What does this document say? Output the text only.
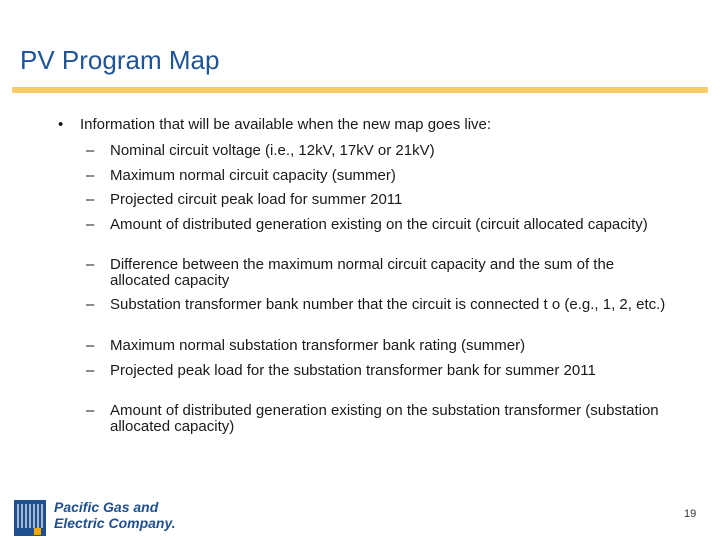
PV Program Map
• Information that will be available when the new map goes live:
– Nominal circuit voltage (i.e., 12kV, 17kV or 21kV)
– Maximum normal circuit capacity (summer)
– Projected circuit peak load for summer 2011
– Amount of distributed generation existing on the circuit (circuit allocated capacity)
– Difference between the maximum normal circuit capacity and the sum of the allocated capacity
– Substation transformer bank number that the circuit is connected t o (e.g., 1, 2, etc.)
– Maximum normal substation transformer bank rating (summer)
– Projected peak load for the substation transformer bank for summer 2011
– Amount of distributed generation existing on the substation transformer (substation allocated capacity)
Pacific Gas and
Electric Company.
19
